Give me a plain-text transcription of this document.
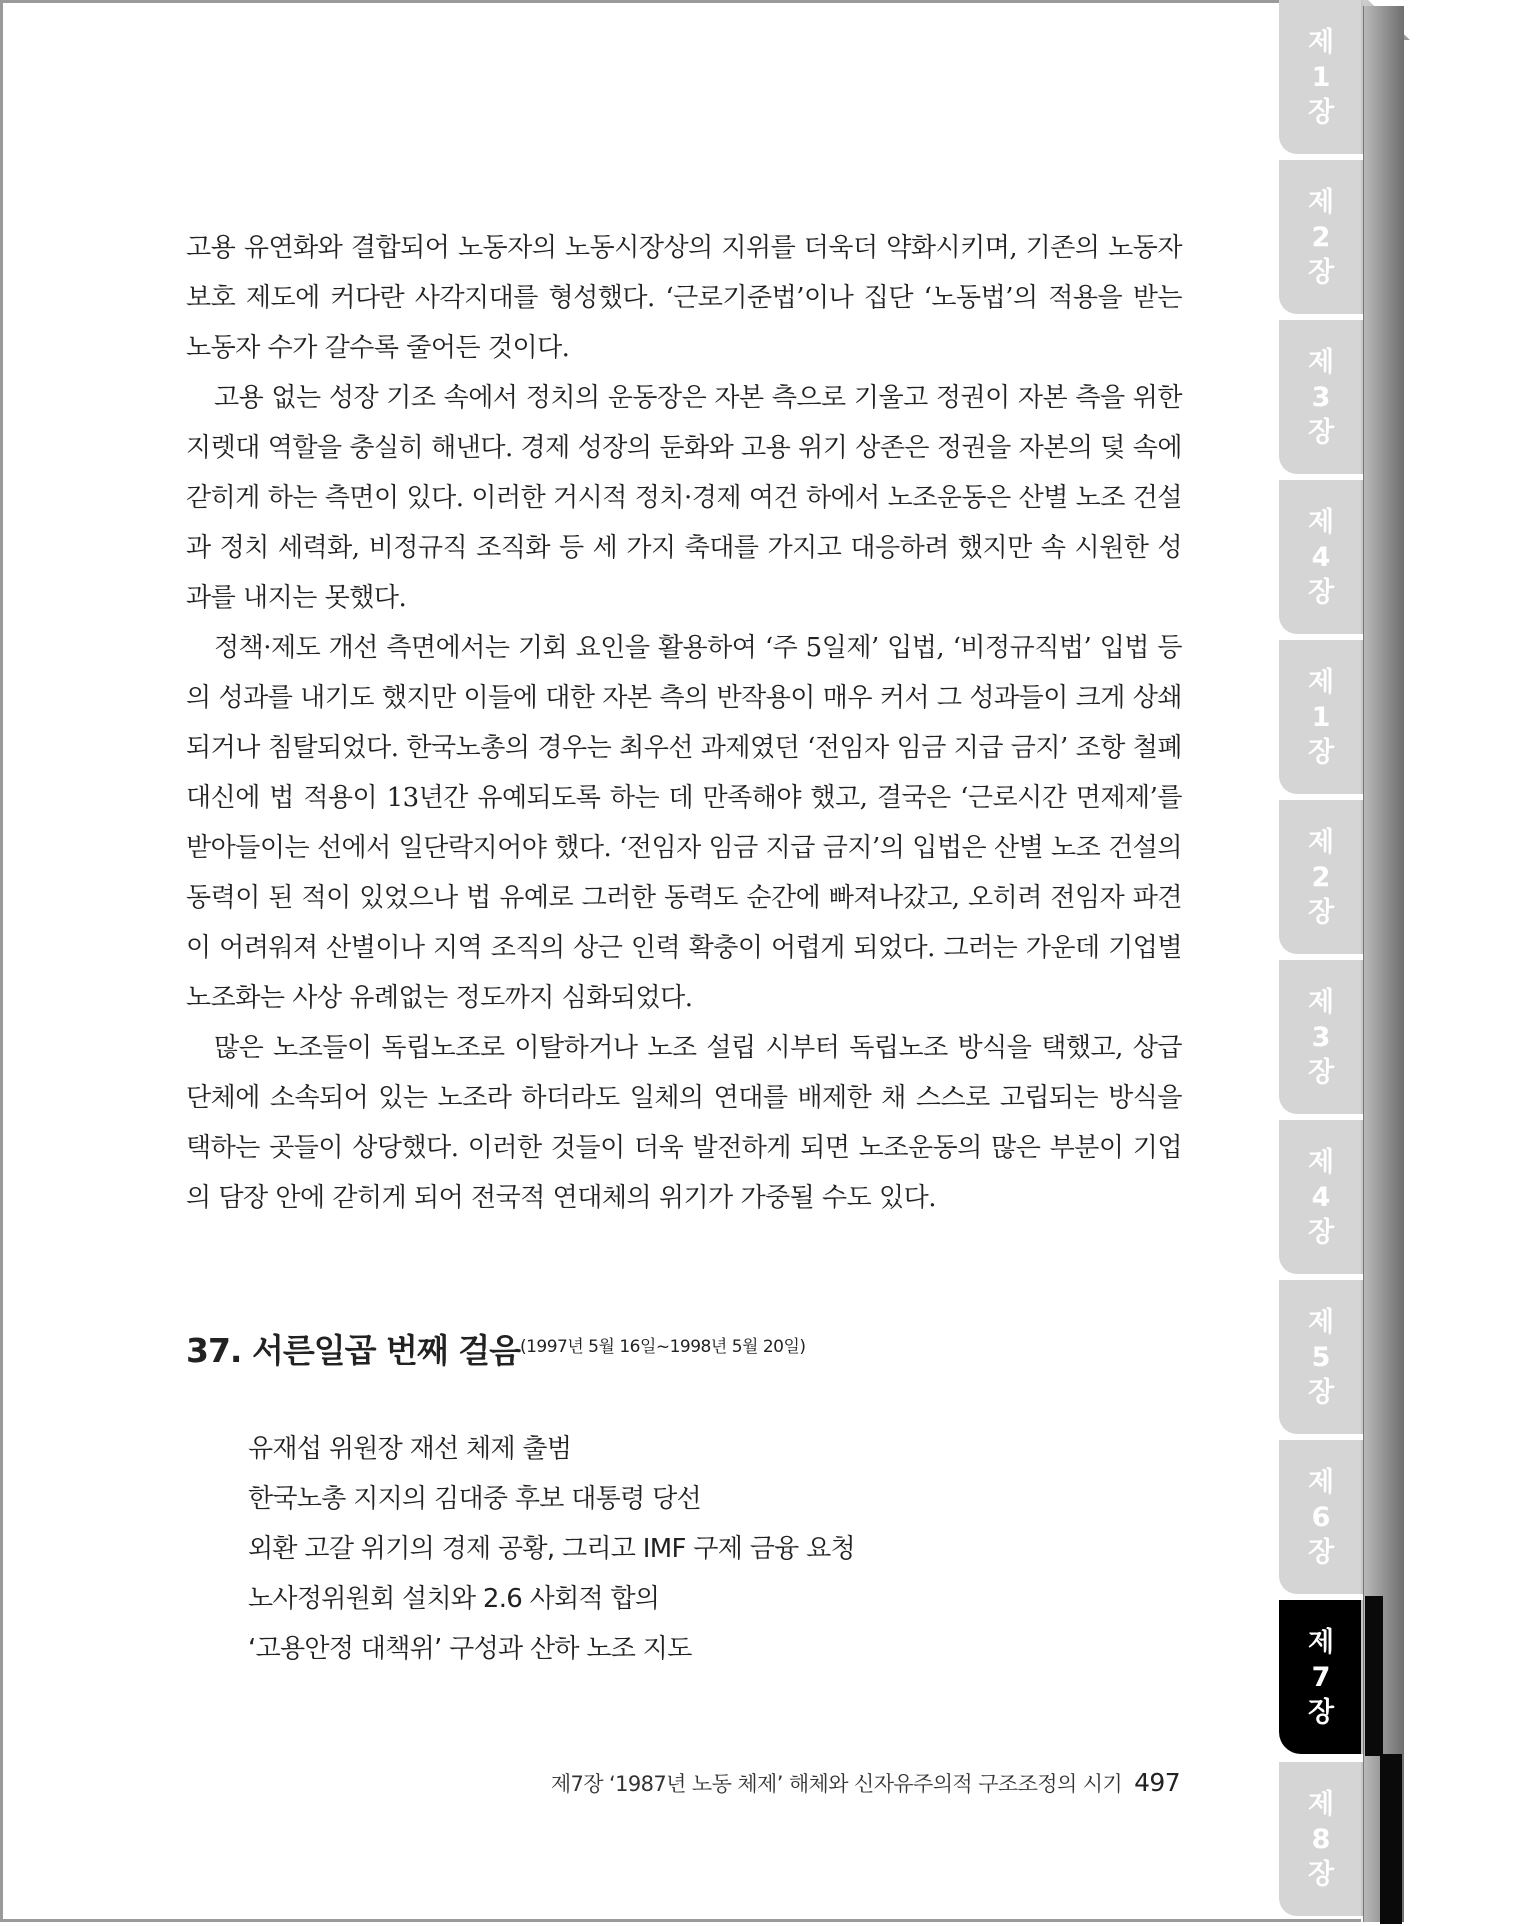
제
1
장
제
2
장
제
3
장
제
4
장
제
1
장
제
2
장
제
3
장
제
4
장
제
5
장
제
6
장
제
7
장
제
8
장

고용 유연화와 결합되어 노동자의 노동시장상의 지위를 더욱더 약화시키며, 기존의 노동자 보호 제도에 커다란 사각지대를 형성했다. ‘근로기준법’이나 집단 ‘노동법’의 적용을 받는 노동자 수가 갈수록 줄어든 것이다.

고용 없는 성장 기조 속에서 정치의 운동장은 자본 측으로 기울고 정권이 자본 측을 위한 지렛대 역할을 충실히 해낸다. 경제 성장의 둔화와 고용 위기 상존은 정권을 자본의 덫 속에 갇히게 하는 측면이 있다. 이러한 거시적 정치·경제 여건 하에서 노조운동은 산별 노조 건설과 정치 세력화, 비정규직 조직화 등 세 가지 축대를 가지고 대응하려 했지만 속 시원한 성과를 내지는 못했다.

정책·제도 개선 측면에서는 기회 요인을 활용하여 ‘주 5일제’ 입법, ‘비정규직법’ 입법 등의 성과를 내기도 했지만 이들에 대한 자본 측의 반작용이 매우 커서 그 성과들이 크게 상쇄되거나 침탈되었다. 한국노총의 경우는 최우선 과제였던 ‘전임자 임금 지급 금지’ 조항 철폐 대신에 법 적용이 13년간 유예되도록 하는 데 만족해야 했고, 결국은 ‘근로시간 면제제’를 받아들이는 선에서 일단락지어야 했다. ‘전임자 임금 지급 금지’의 입법은 산별 노조 건설의 동력이 된 적이 있었으나 법 유예로 그러한 동력도 순간에 빠져나갔고, 오히려 전임자 파견이 어려워져 산별이나 지역 조직의 상근 인력 확충이 어렵게 되었다. 그러는 가운데 기업별 노조화는 사상 유례없는 정도까지 심화되었다.

많은 노조들이 독립노조로 이탈하거나 노조 설립 시부터 독립노조 방식을 택했고, 상급단체에 소속되어 있는 노조라 하더라도 일체의 연대를 배제한 채 스스로 고립되는 방식을 택하는 곳들이 상당했다. 이러한 것들이 더욱 발전하게 되면 노조운동의 많은 부분이 기업의 담장 안에 갇히게 되어 전국적 연대체의 위기가 가중될 수도 있다.

37. 서른일곱 번째 걸음(1997년 5월 16일~1998년 5월 20일)
유재섭 위원장 재선 체제 출범
한국노총 지지의 김대중 후보 대통령 당선
외환 고갈 위기의 경제 공황, 그리고 IMF 구제 금융 요청
노사정위원회 설치와 2.6 사회적 합의
‘고용안정 대책위’ 구성과 산하 노조 지도
제7장 ‘1987년 노동 체제’ 해체와 신자유주의적 구조조정의 시기 497
